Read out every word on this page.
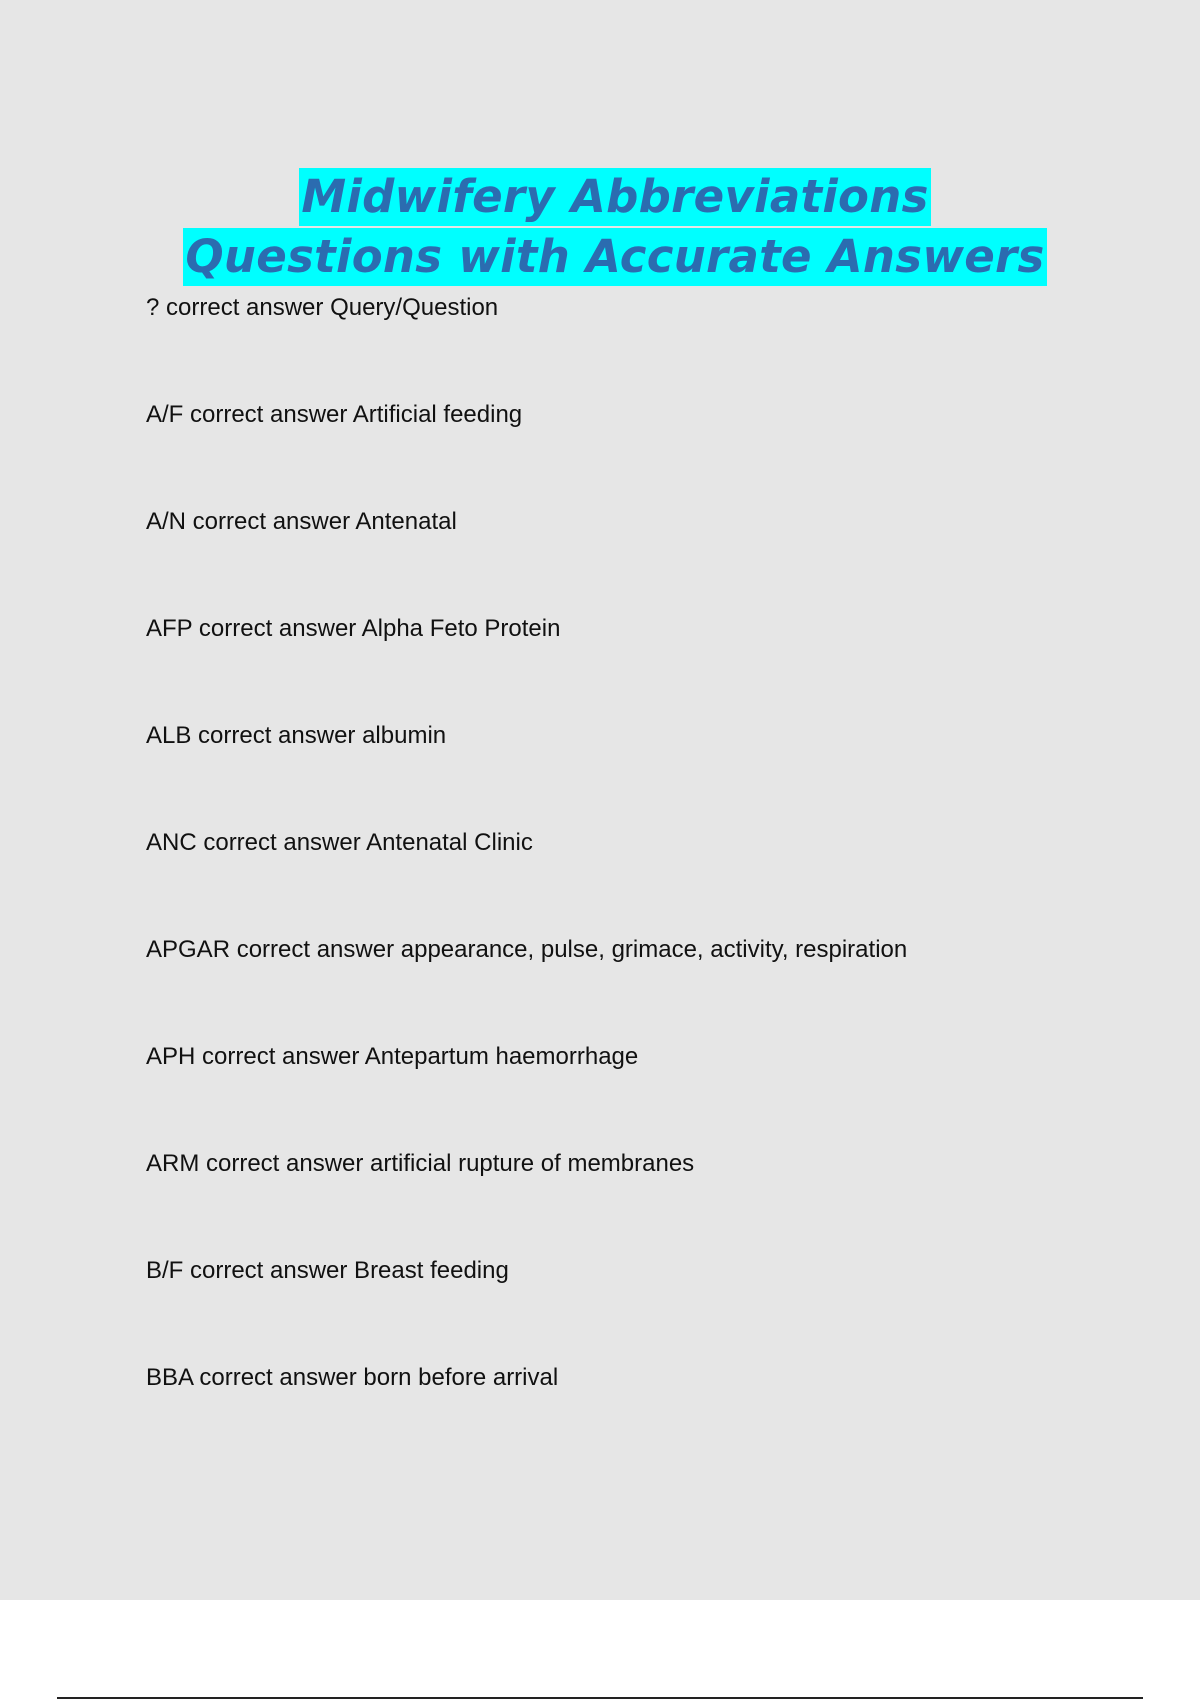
Midwifery Abbreviations
Questions with Accurate Answers
? correct answer Query/Question
A/F correct answer Artificial feeding
A/N correct answer Antenatal
AFP correct answer Alpha Feto Protein
ALB correct answer albumin
ANC correct answer Antenatal Clinic
APGAR correct answer appearance, pulse, grimace, activity, respiration
APH correct answer Antepartum haemorrhage
ARM correct answer artificial rupture of membranes
B/F correct answer Breast feeding
BBA correct answer born before arrival
